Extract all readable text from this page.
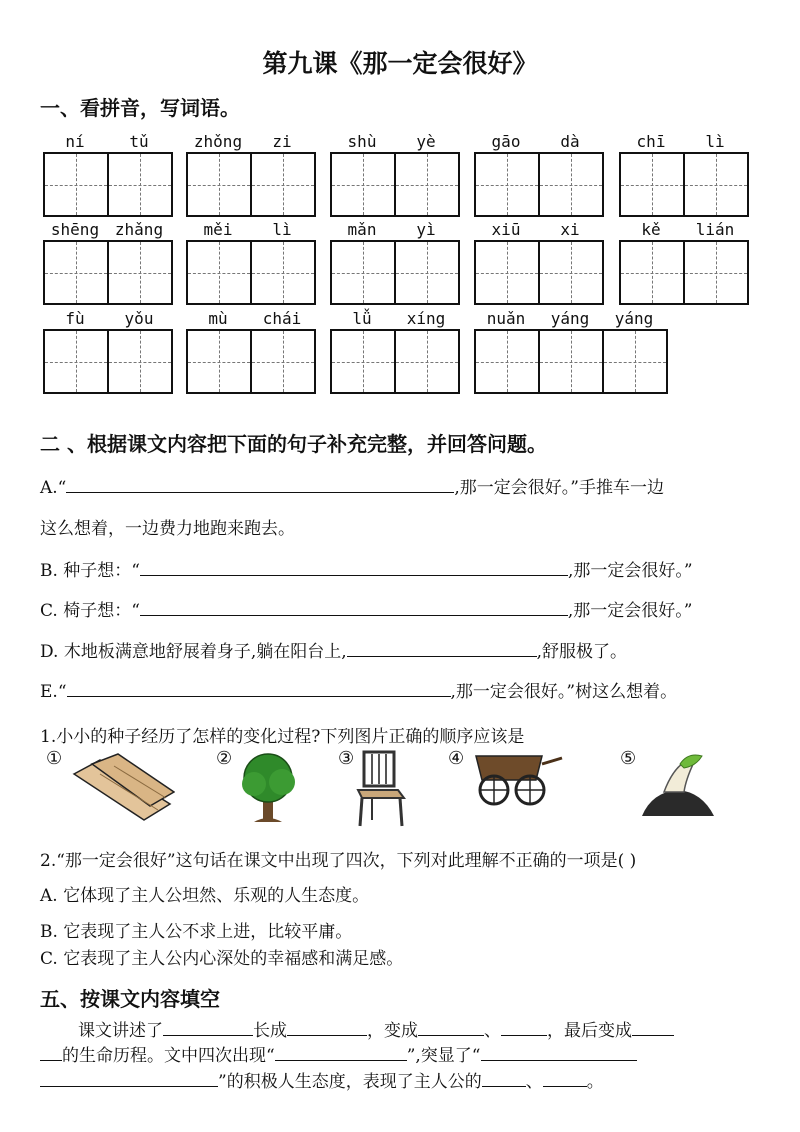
第九课《那一定会很好》
一、看拼音，写词语。
ní	tǔ	zhǒng	zi	shù	yè	gāo	dà	chī	lì
shēng zhǎng	měi	lì	mǎn	yì	xiū	xi	kě	lián
fù	yǒu	mù	chái	lǚ	xíng	nuǎn	yáng	yáng
二 、根据课文内容把下面的句子补充完整，并回答问题。
A.“	,那一定会很好。”手推车一边
这么想着，一边费力地跑来跑去。
B. 种子想：“	,那一定会很好。”
C. 椅子想：“	,那一定会很好。”
D. 木地板满意地舒展着身子,躺在阳台上,	,舒服极了。
E.“	,那一定会很好。”树这么想着。
1.小小的种子经历了怎样的变化过程?下列图片正确的顺序应该是
①	②	③	④	⑤
2.“那一定会很好”这句话在课文中出现了四次，下列对此理解不正确的一项是( )
A. 它体现了主人公坦然、乐观的人生态度。
B. 它表现了主人公不求上进，比较平庸。
C. 它表现了主人公内心深处的幸福感和满足感。
五、按课文内容填空
课文讲述了	长成	，变成	、	，最后变成
的生命历程。文中四次出现“	”,突显了“
”的积极人生态度，表现了主人公的	、	。
